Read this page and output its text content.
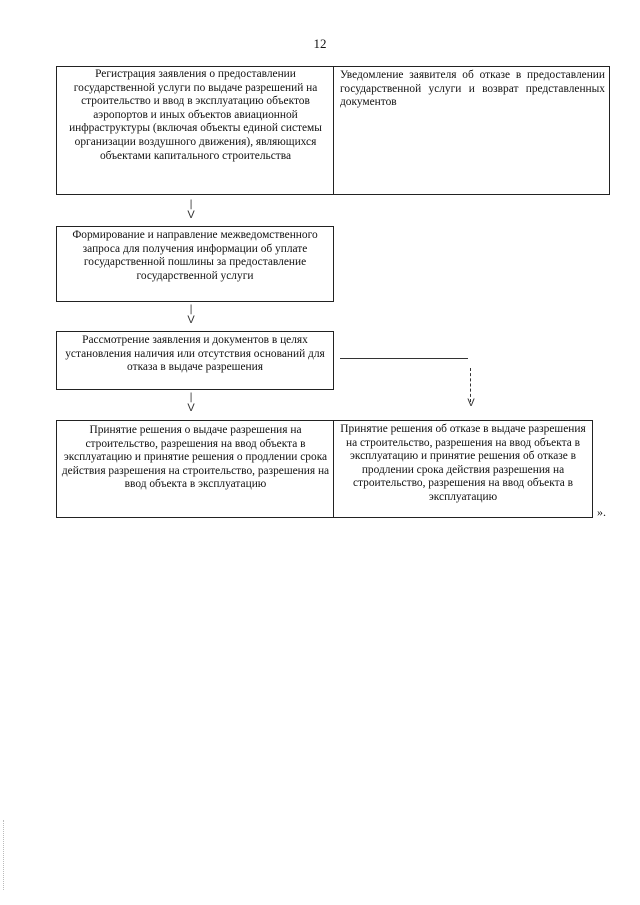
12
Регистрация заявления о предоставлении государственной услуги по выдаче разрешений на строительство и ввод в эксплуатацию объектов аэропортов и иных объектов авиационной инфраструктуры (включая объекты единой системы организации воздушного движения), являющихся объектами капитального строительства
Уведомление заявителя об отказе в предоставлении государственной услуги и возврат представленных документов
|
V
Формирование и направление межведомственного запроса для получения информации об уплате государственной пошлины за предоставление государственной услуги
|
V
Рассмотрение заявления и документов в целях установления наличия или отсутствия оснований для отказа в выдаче разрешения
V
|
V
Принятие решения о выдаче разрешения на строительство, разрешения на ввод объекта в эксплуатацию и принятие решения о продлении срока действия разрешения на строительство, разрешения на ввод объекта в эксплуатацию
Принятие решения об отказе в выдаче разрешения на строительство, разрешения на ввод объекта в эксплуатацию и принятие решения об отказе в продлении срока действия разрешения на строительство, разрешения на ввод объекта в эксплуатацию
».
